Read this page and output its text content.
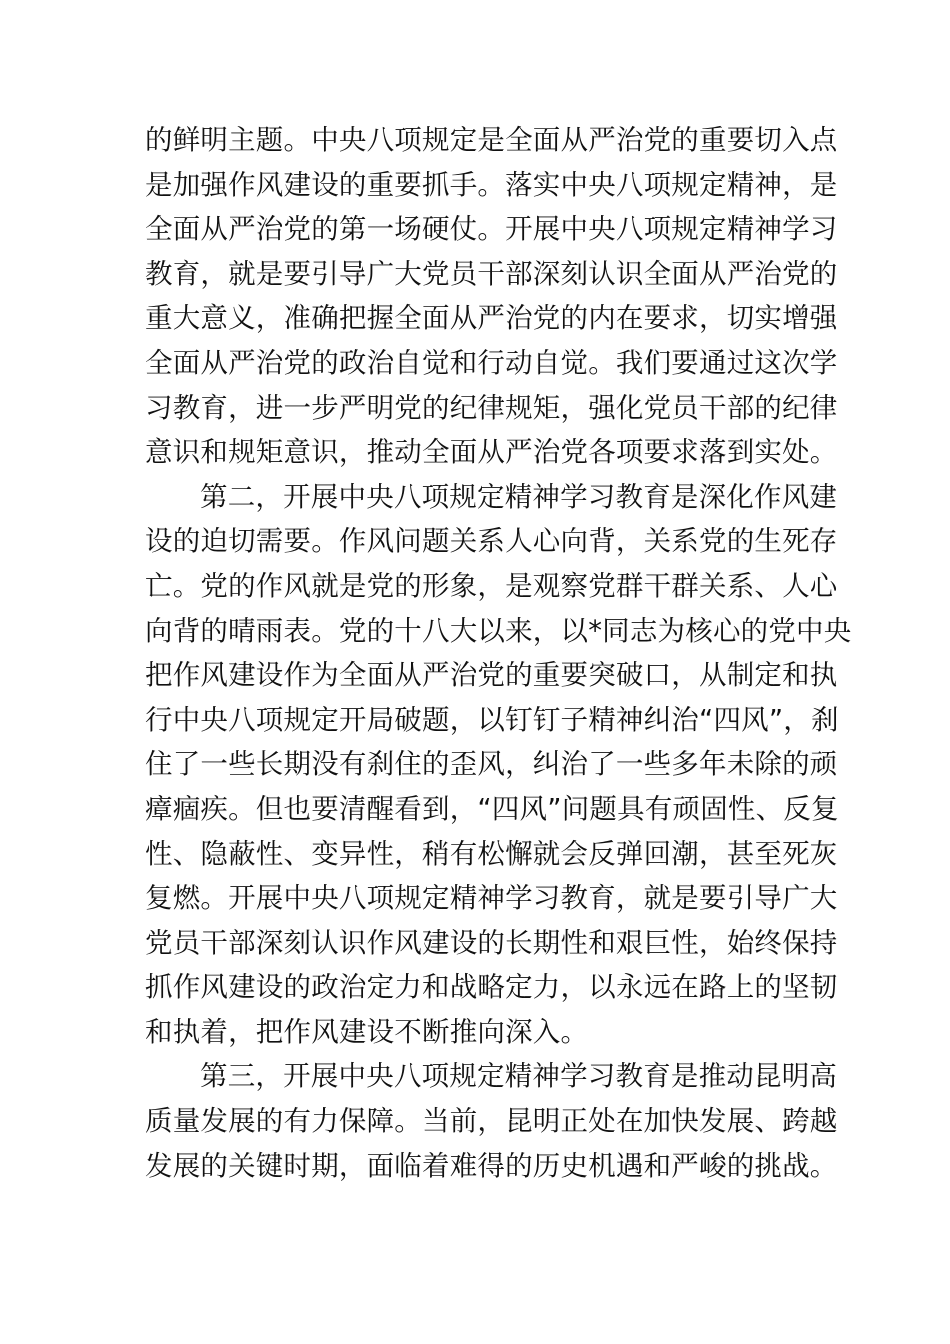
的鲜明主题。中央八项规定是全面从严治党的重要切入点
是加强作风建设的重要抓手。落实中央八项规定精神，是
全面从严治党的第一场硬仗。开展中央八项规定精神学习
教育，就是要引导广大党员干部深刻认识全面从严治党的
重大意义，准确把握全面从严治党的内在要求，切实增强
全面从严治党的政治自觉和行动自觉。我们要通过这次学
习教育，进一步严明党的纪律规矩，强化党员干部的纪律
意识和规矩意识，推动全面从严治党各项要求落到实处。
第二，开展中央八项规定精神学习教育是深化作风建
设的迫切需要。作风问题关系人心向背，关系党的生死存
亡。党的作风就是党的形象，是观察党群干群关系、人心
向背的晴雨表。党的十八大以来，以*同志为核心的党中央
把作风建设作为全面从严治党的重要突破口，从制定和执
行中央八项规定开局破题，以钉钉子精神纠治“四风”，刹
住了一些长期没有刹住的歪风，纠治了一些多年未除的顽
瘴痼疾。但也要清醒看到，“四风”问题具有顽固性、反复
性、隐蔽性、变异性，稍有松懈就会反弹回潮，甚至死灰
复燃。开展中央八项规定精神学习教育，就是要引导广大
党员干部深刻认识作风建设的长期性和艰巨性，始终保持
抓作风建设的政治定力和战略定力，以永远在路上的坚韧
和执着，把作风建设不断推向深入。
第三，开展中央八项规定精神学习教育是推动昆明高
质量发展的有力保障。当前，昆明正处在加快发展、跨越
发展的关键时期，面临着难得的历史机遇和严峻的挑战。
